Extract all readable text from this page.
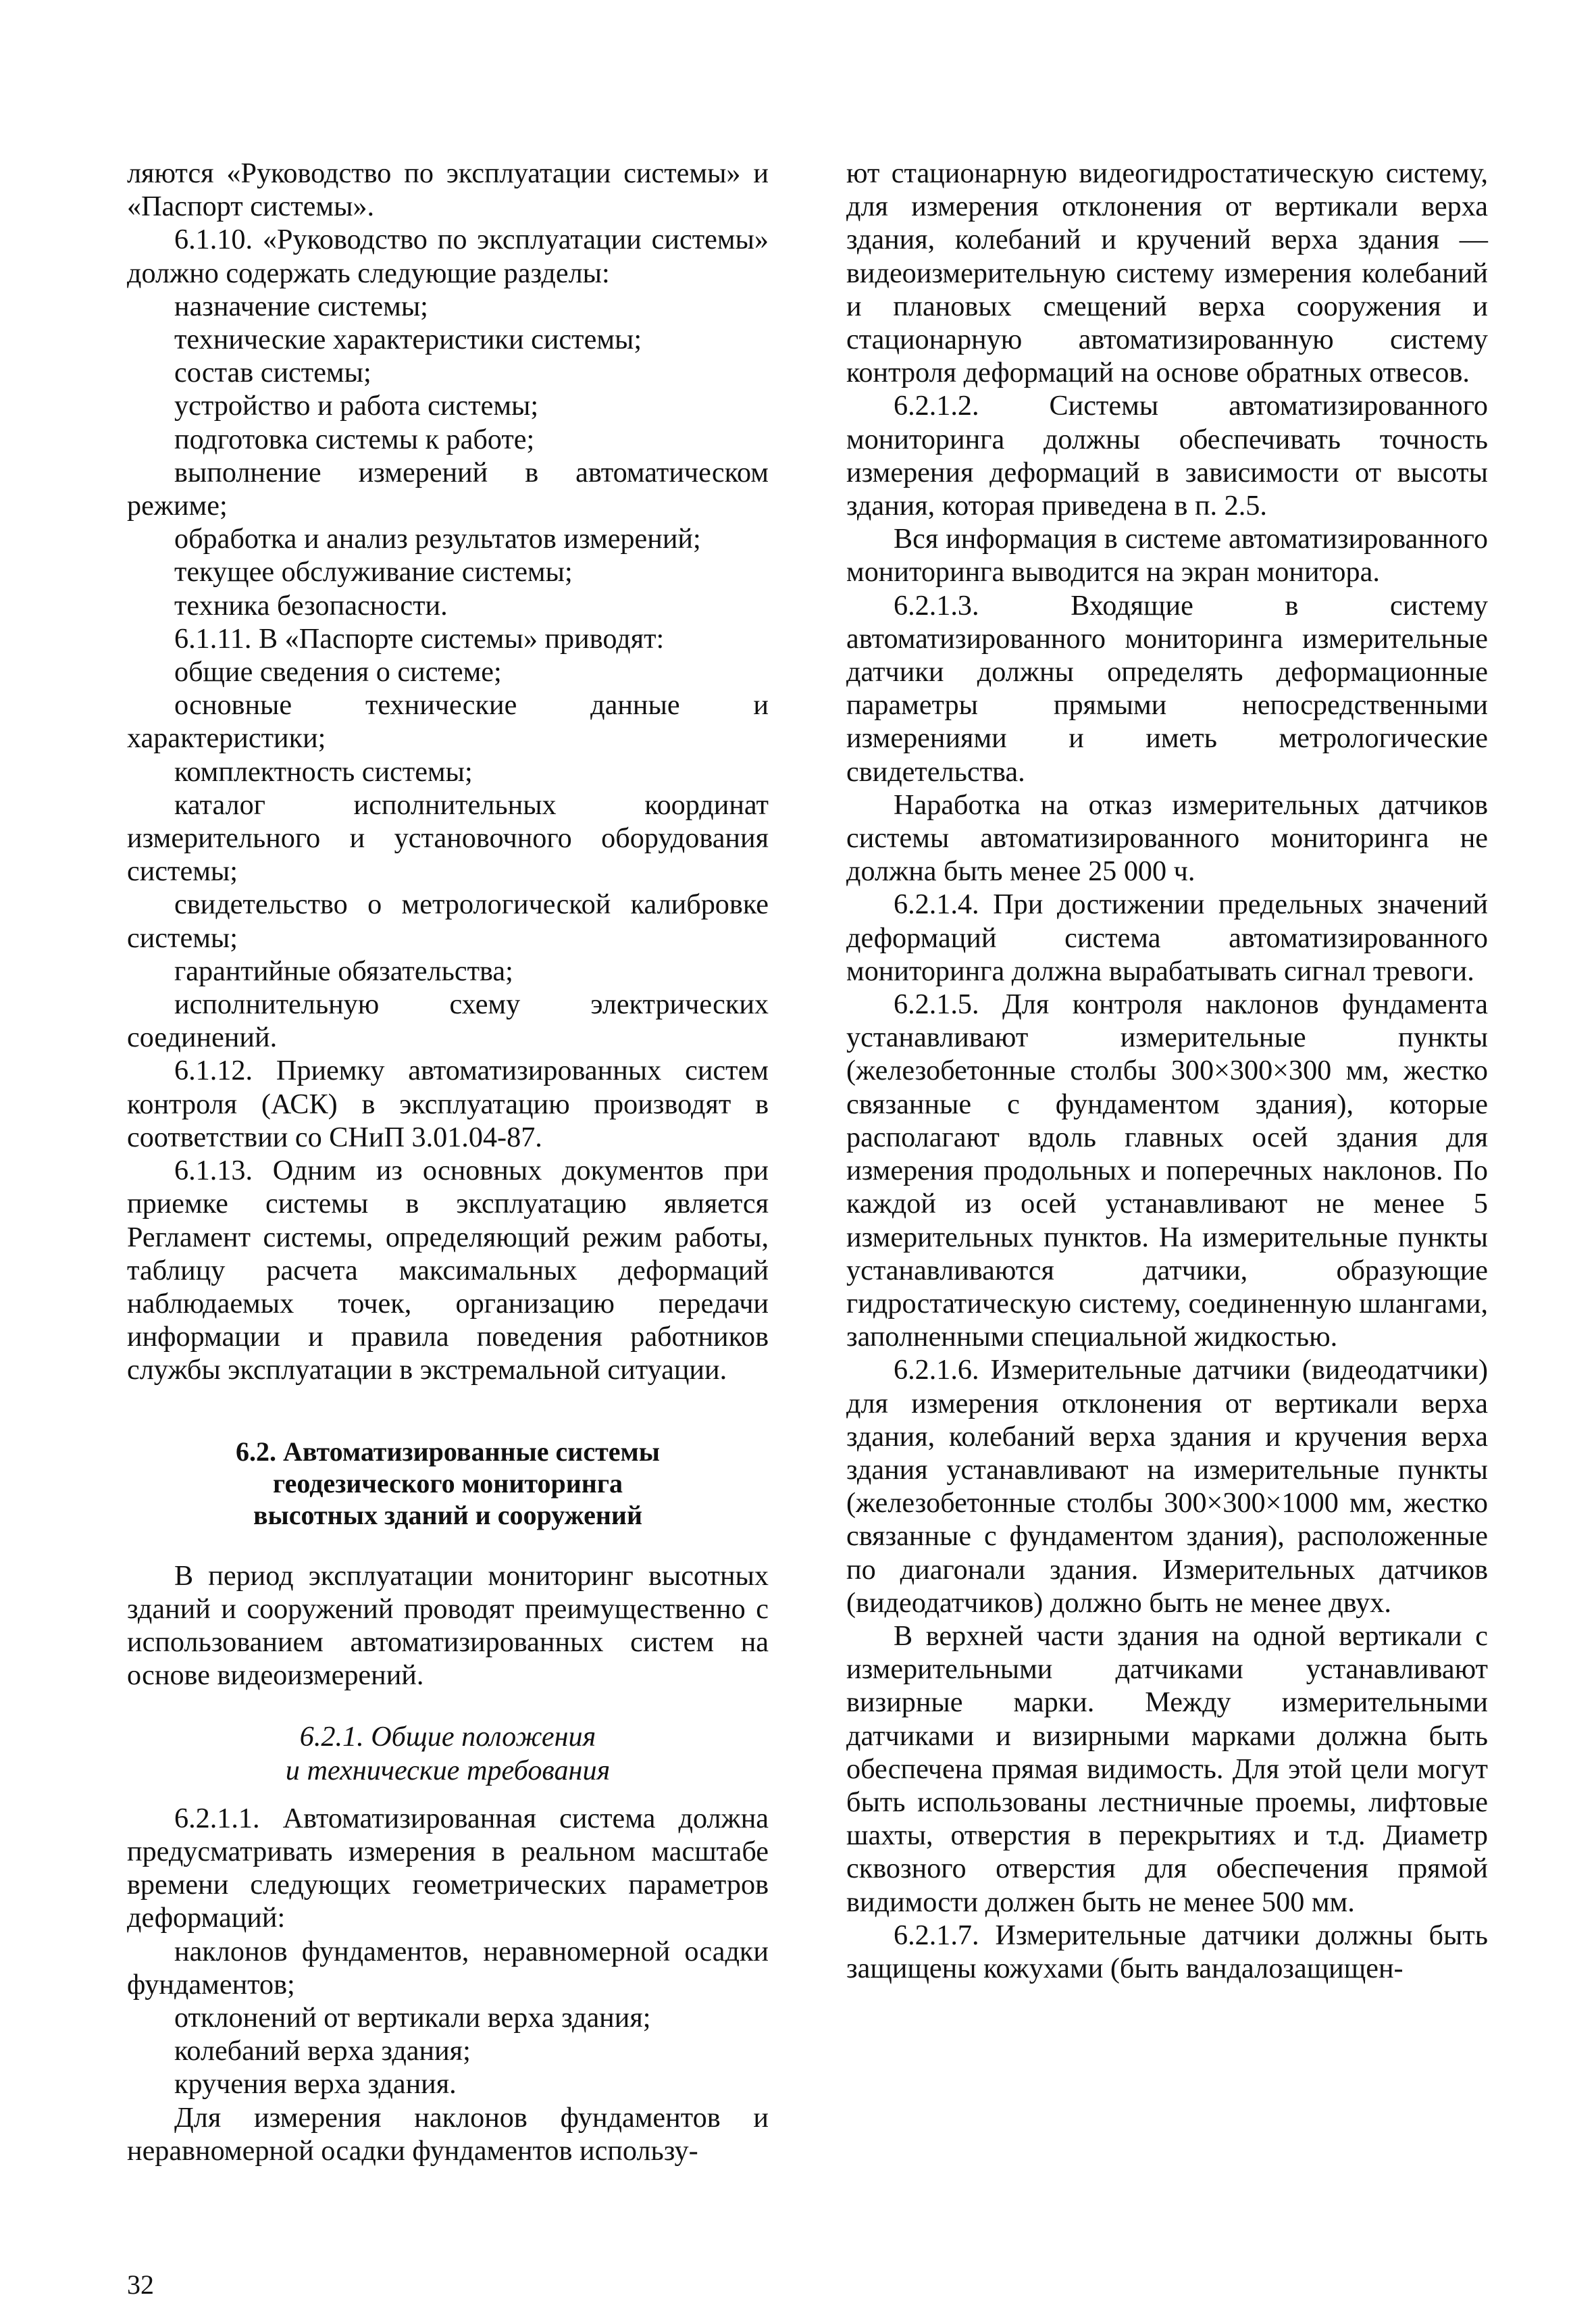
ляются «Руководство по эксплуатации системы» и «Паспорт системы».

6.1.10. «Руководство по эксплуатации системы» должно содержать следующие разделы:

назначение системы;

технические характеристики системы;

состав системы;

устройство и работа системы;

подготовка системы к работе;

выполнение измерений в автоматическом режиме;

обработка и анализ результатов измерений;

текущее обслуживание системы;

техника безопасности.

6.1.11. В «Паспорте системы» приводят:

общие сведения о системе;

основные технические данные и характеристики;

комплектность системы;

каталог исполнительных координат измерительного и установочного оборудования системы;

свидетельство о метрологической калибровке системы;

гарантийные обязательства;

исполнительную схему электрических соединений.

6.1.12. Приемку автоматизированных систем контроля (АСК) в эксплуатацию производят в соответствии со СНиП 3.01.04-87.

6.1.13. Одним из основных документов при приемке системы в эксплуатацию является Регламент системы, определяющий режим работы, таблицу расчета максимальных деформаций наблюдаемых точек, организацию передачи информации и правила поведения работников службы эксплуатации в экстремальной ситуации.

6.2. Автоматизированные системы
геодезического мониторинга
высотных зданий и сооружений

В период эксплуатации мониторинг высотных зданий и сооружений проводят преимущественно с использованием автоматизированных систем на основе видеоизмерений.

6.2.1. Общие положения
и технические требования

6.2.1.1. Автоматизированная система должна предусматривать измерения в реальном масштабе времени следующих геометрических параметров деформаций:

наклонов фундаментов, неравномерной осадки фундаментов;

отклонений от вертикали верха здания;

колебаний верха здания;

кручения верха здания.

Для измерения наклонов фундаментов и неравномерной осадки фундаментов использу-

ют стационарную видеогидростатическую систему, для измерения отклонения от вертикали верха здания, колебаний и кручений верха здания — видеоизмерительную систему измерения колебаний и плановых смещений верха сооружения и стационарную автоматизированную систему контроля деформаций на основе обратных отвесов.

6.2.1.2. Системы автоматизированного мониторинга должны обеспечивать точность измерения деформаций в зависимости от высоты здания, которая приведена в п. 2.5.

Вся информация в системе автоматизированного мониторинга выводится на экран монитора.

6.2.1.3. Входящие в систему автоматизированного мониторинга измерительные датчики должны определять деформационные параметры прямыми непосредственными измерениями и иметь метрологические свидетельства.

Наработка на отказ измерительных датчиков системы автоматизированного мониторинга не должна быть менее 25 000 ч.

6.2.1.4. При достижении предельных значений деформаций система автоматизированного мониторинга должна вырабатывать сигнал тревоги.

6.2.1.5. Для контроля наклонов фундамента устанавливают измерительные пункты (железобетонные столбы 300×300×300 мм, жестко связанные с фундаментом здания), которые располагают вдоль главных осей здания для измерения продольных и поперечных наклонов. По каждой из осей устанавливают не менее 5 измерительных пунктов. На измерительные пункты устанавливаются датчики, образующие гидростатическую систему, соединенную шлангами, заполненными специальной жидкостью.

6.2.1.6. Измерительные датчики (видеодатчики) для измерения отклонения от вертикали верха здания, колебаний верха здания и кручения верха здания устанавливают на измерительные пункты (железобетонные столбы 300×300×1000 мм, жестко связанные с фундаментом здания), расположенные по диагонали здания. Измерительных датчиков (видеодатчиков) должно быть не менее двух.

В верхней части здания на одной вертикали с измерительными датчиками устанавливают визирные марки. Между измерительными датчиками и визирными марками должна быть обеспечена прямая видимость. Для этой цели могут быть использованы лестничные проемы, лифтовые шахты, отверстия в перекрытиях и т.д. Диаметр сквозного отверстия для обеспечения прямой видимости должен быть не менее 500 мм.

6.2.1.7. Измерительные датчики должны быть защищены кожухами (быть вандалозащищен-

32
